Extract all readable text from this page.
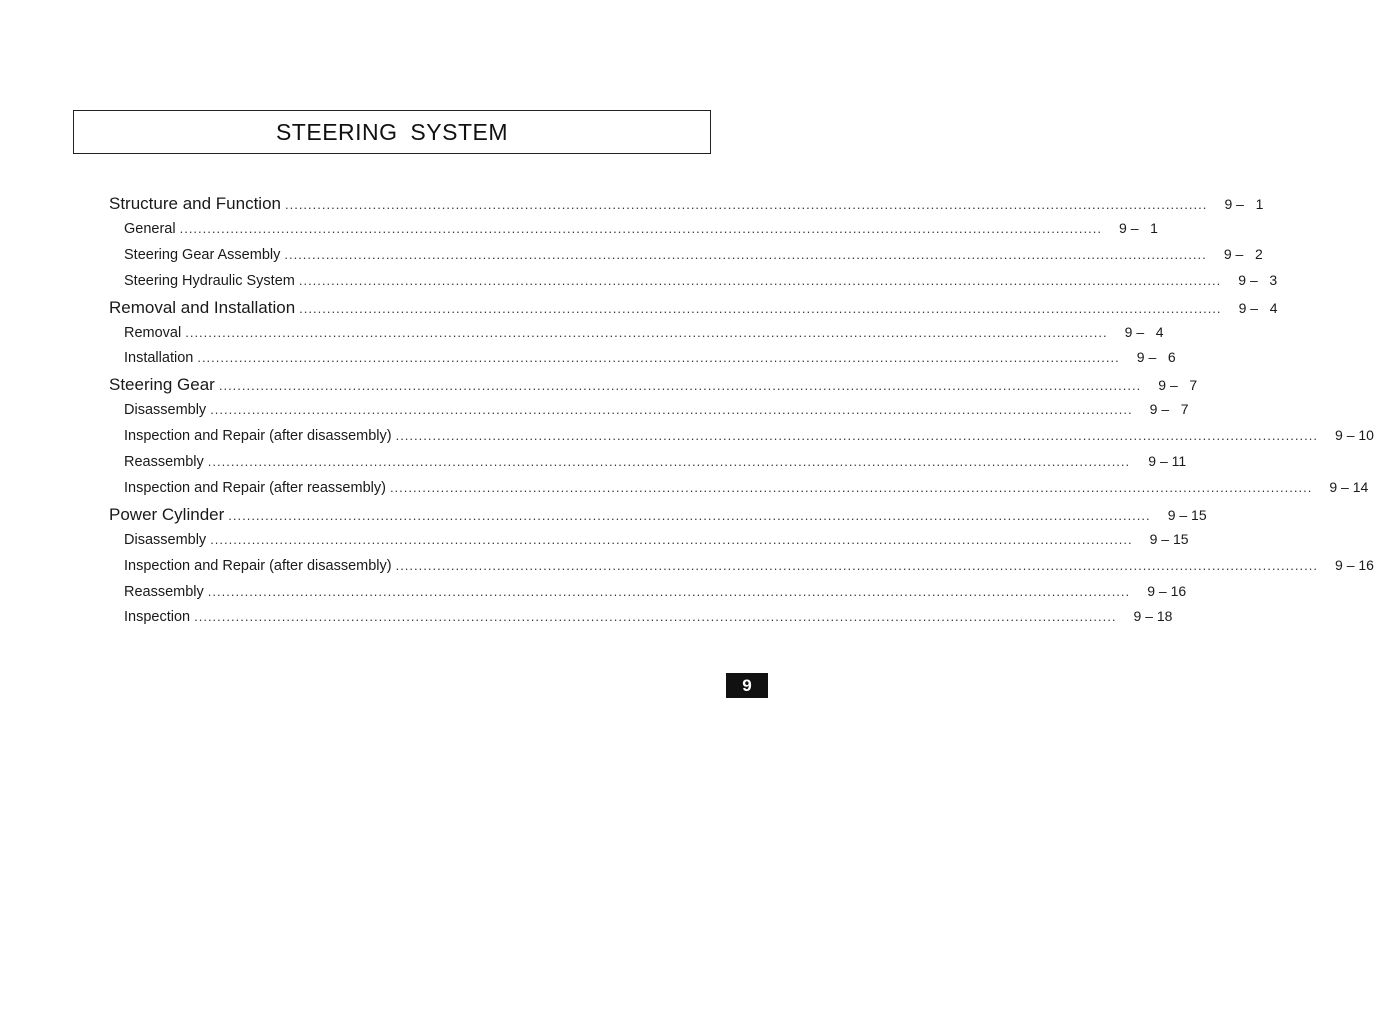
STEERING SYSTEM
Structure and Function ........................................................................................................................................................................................................	9 –   1
General ........................................................................................................................................................................................................	9 –   1
Steering Gear Assembly ........................................................................................................................................................................................................	9 –   2
Steering Hydraulic System ........................................................................................................................................................................................................	9 –   3
Removal and Installation ........................................................................................................................................................................................................	9 –   4
Removal ........................................................................................................................................................................................................	9 –   4
Installation ........................................................................................................................................................................................................	9 –   6
Steering Gear ........................................................................................................................................................................................................	9 –   7
Disassembly ........................................................................................................................................................................................................	9 –   7
Inspection and Repair (after disassembly) ........................................................................................................................................................................................................	9 – 10
Reassembly ........................................................................................................................................................................................................	9 – 11
Inspection and Repair (after reassembly) ........................................................................................................................................................................................................	9 – 14
Power Cylinder ........................................................................................................................................................................................................	9 – 15
Disassembly ........................................................................................................................................................................................................	9 – 15
Inspection and Repair (after disassembly) ........................................................................................................................................................................................................	9 – 16
Reassembly ........................................................................................................................................................................................................	9 – 16
Inspection ........................................................................................................................................................................................................	9 – 18
9
